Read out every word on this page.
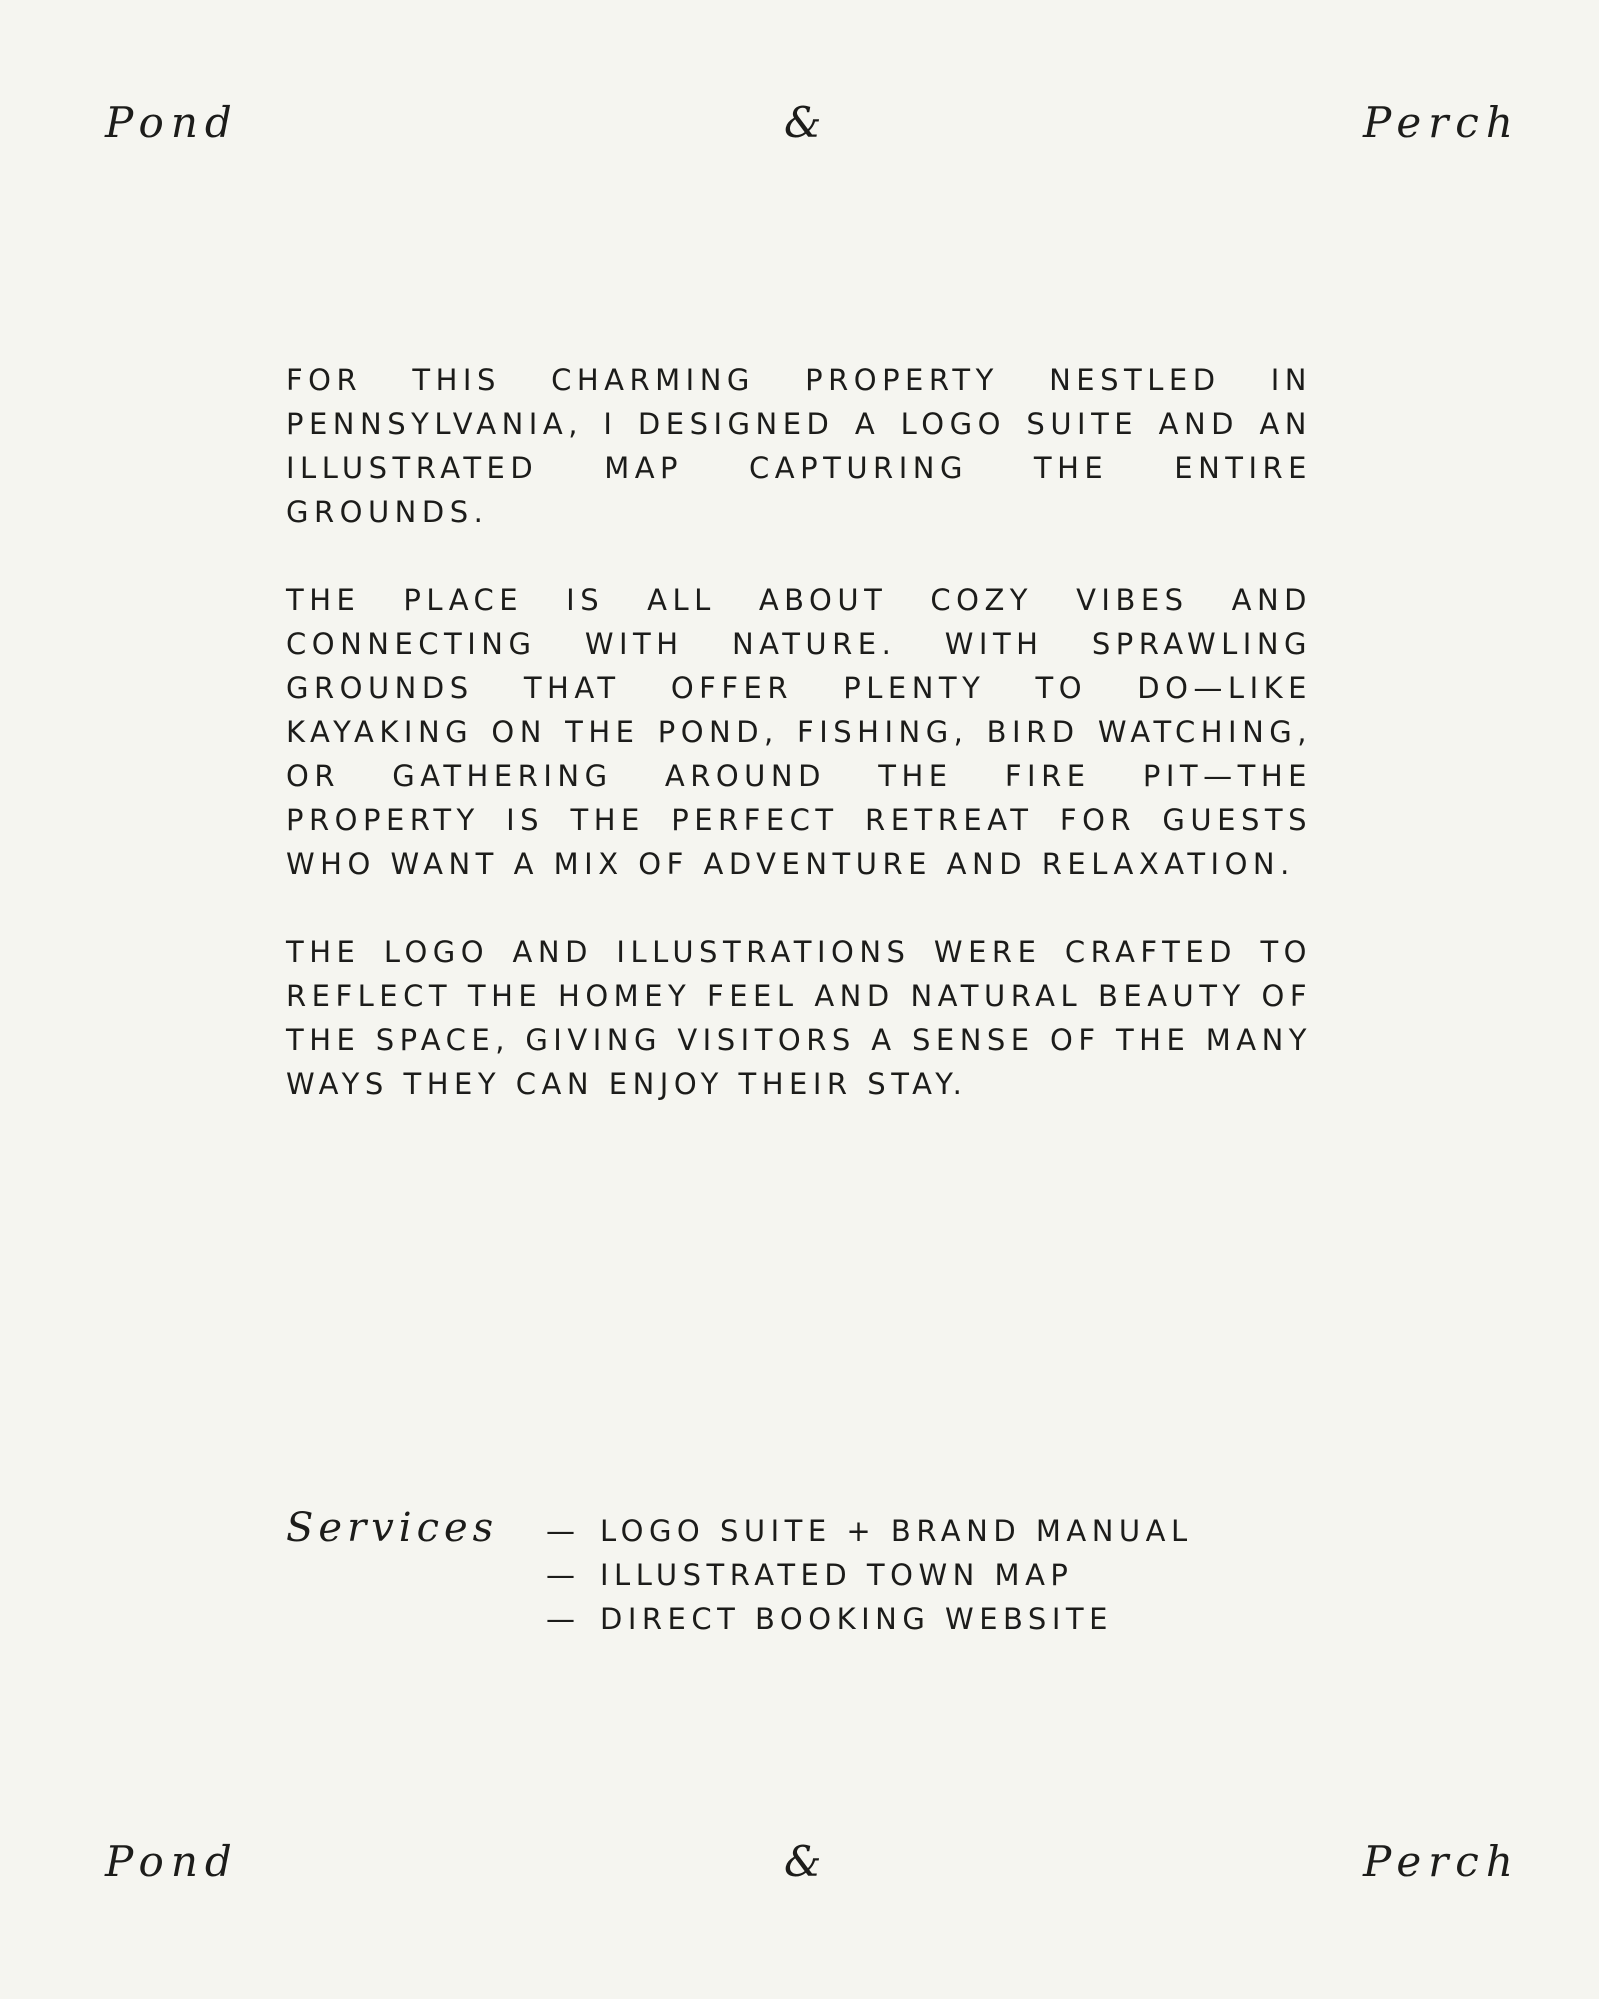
Pond	&	Perch

FOR THIS CHARMING PROPERTY NESTLED IN PENNSYLVANIA, I DESIGNED A LOGO SUITE AND AN ILLUSTRATED MAP CAPTURING THE ENTIRE GROUNDS.

THE PLACE IS ALL ABOUT COZY VIBES AND CONNECTING WITH NATURE. WITH SPRAWLING GROUNDS THAT OFFER PLENTY TO DO—LIKE KAYAKING ON THE POND, FISHING, BIRD WATCHING, OR GATHERING AROUND THE FIRE PIT—THE PROPERTY IS THE PERFECT RETREAT FOR GUESTS WHO WANT A MIX OF ADVENTURE AND RELAXATION.

THE LOGO AND ILLUSTRATIONS WERE CRAFTED TO REFLECT THE HOMEY FEEL AND NATURAL BEAUTY OF THE SPACE, GIVING VISITORS A SENSE OF THE MANY WAYS THEY CAN ENJOY THEIR STAY.

Services — LOGO SUITE + BRAND MANUAL
— ILLUSTRATED TOWN MAP
— DIRECT BOOKING WEBSITE
Pond	&	Perch
